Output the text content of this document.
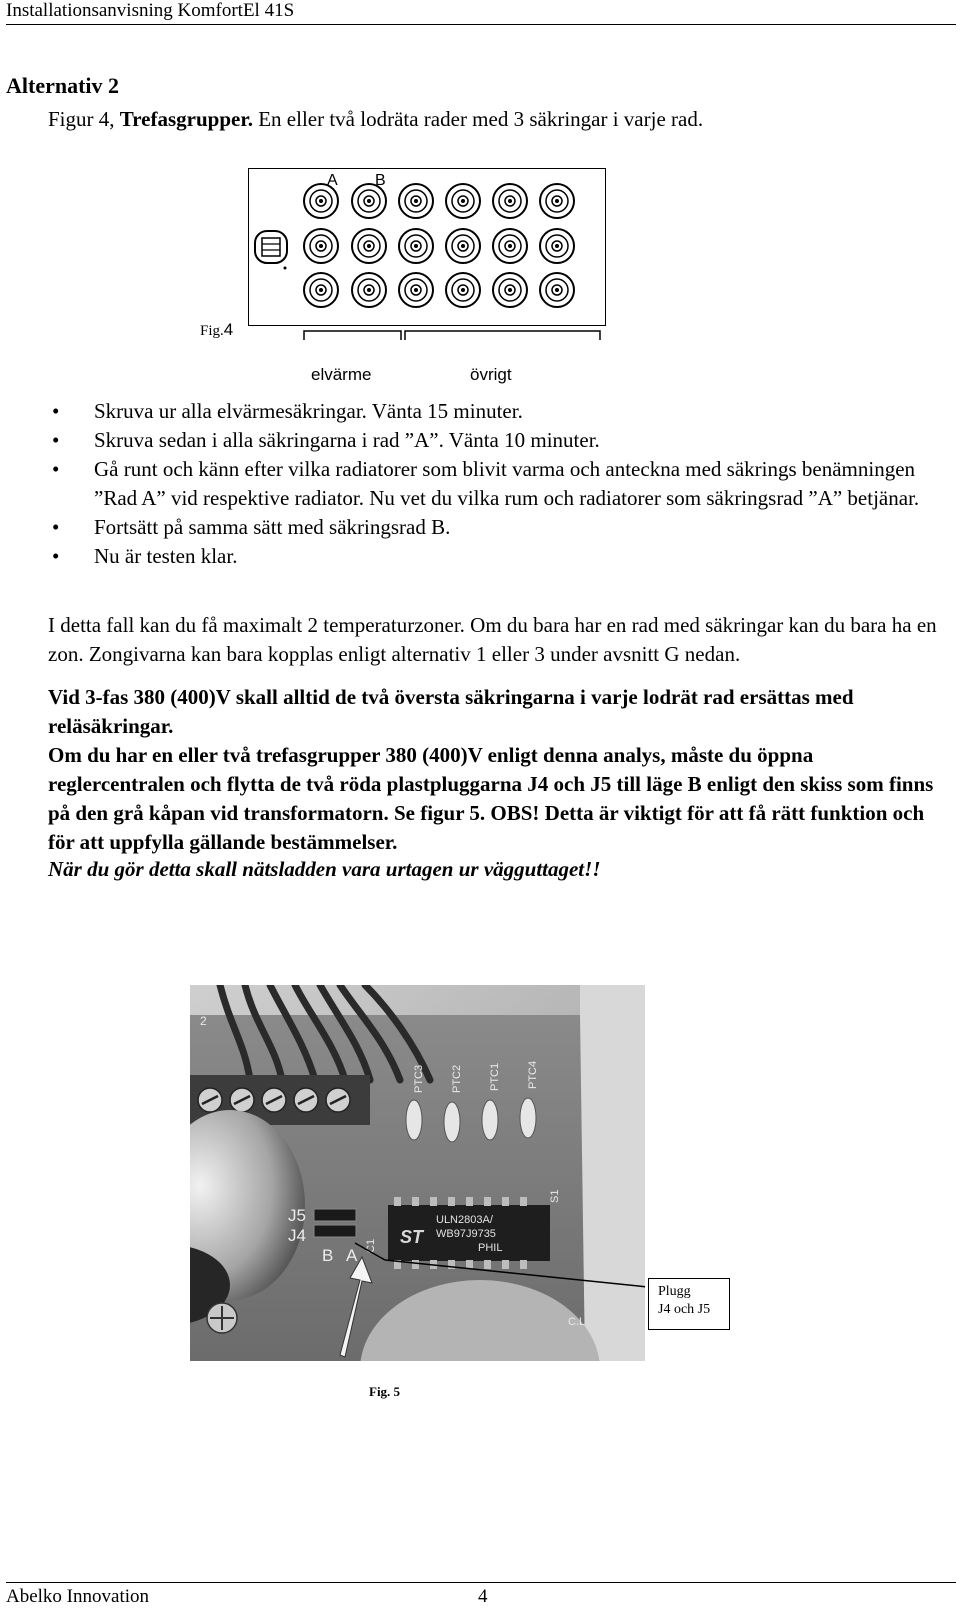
Installationsanvisning KomfortEl 41S
Alternativ 2
Figur 4, Trefasgrupper. En eller två lodräta rader med 3 säkringar i varje rad.
A B
Fig.4
elvärme	övrigt
• Skruva ur alla elvärmesäkringar. Vänta 15 minuter.
• Skruva sedan i alla säkringarna i rad ”A”. Vänta 10 minuter.
• Gå runt och känn efter vilka radiatorer som blivit varma och anteckna med säkrings benämningen ”Rad A” vid respektive radiator. Nu vet du vilka rum och radiatorer som säkringsrad ”A” betjänar.
• Fortsätt på samma sätt med säkringsrad B.
• Nu är testen klar.
I detta fall kan du få maximalt 2 temperaturzoner. Om du bara har en rad med säkringar kan du bara ha en zon. Zongivarna kan bara kopplas enligt alternativ 1 eller 3 under avsnitt G nedan.
Vid 3-fas 380 (400)V skall alltid de två översta säkringarna i varje lodrät rad ersättas med reläsäkringar.
Om du har en eller två trefasgrupper 380 (400)V enligt denna analys, måste du öppna reglercentralen och flytta de två röda plastpluggarna J4 och J5 till läge B enligt den skiss som finns på den grå kåpan vid transformatorn. Se figur 5. OBS! Detta är viktigt för att få rätt funktion och för att uppfylla gällande bestämmelser.
När du gör detta skall nätsladden vara urtagen ur vägguttaget!!
2
PTC3 PTC2 PTC1 PTC4
ST
ULN2803A/
WB97J9735
PHIL
S1
J5
J4
B A
C1
C.L
Plugg
J4 och J5
Fig. 5
Abelko Innovation	4
